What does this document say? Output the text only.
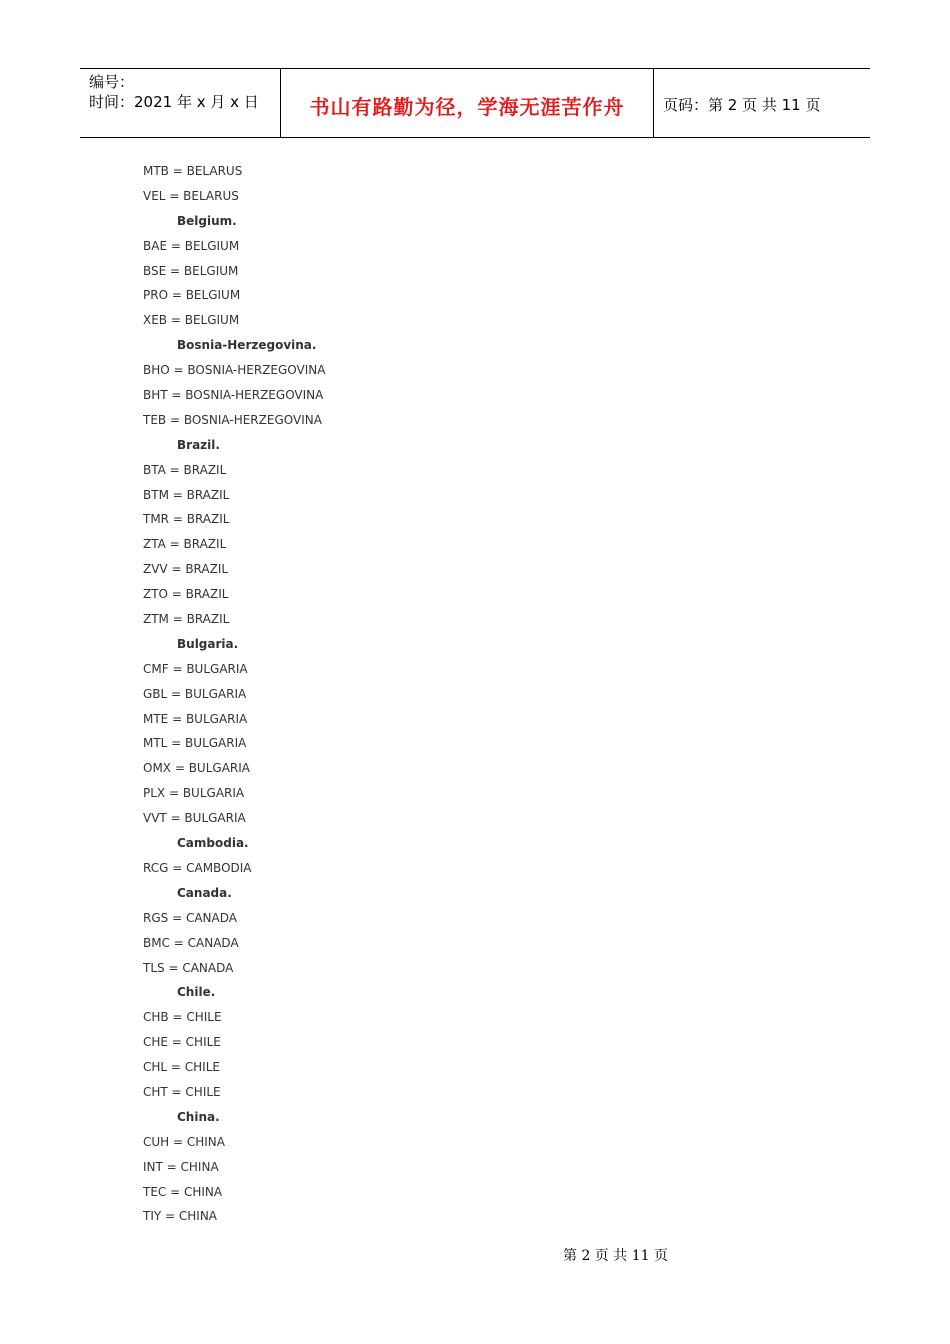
编号：
时间：2021 年 x 月 x 日	书山有路勤为径，学海无涯苦作舟	页码：第 2 页 共 11 页
MTB = BELARUS
VEL = BELARUS
Belgium.
BAE = BELGIUM
BSE = BELGIUM
PRO = BELGIUM
XEB = BELGIUM
Bosnia-Herzegovina.
BHO = BOSNIA-HERZEGOVINA
BHT = BOSNIA-HERZEGOVINA
TEB = BOSNIA-HERZEGOVINA
Brazil.
BTA = BRAZIL
BTM = BRAZIL
TMR = BRAZIL
ZTA = BRAZIL
ZVV = BRAZIL
ZTO = BRAZIL
ZTM = BRAZIL
Bulgaria.
CMF = BULGARIA
GBL = BULGARIA
MTE = BULGARIA
MTL = BULGARIA
OMX = BULGARIA
PLX = BULGARIA
VVT = BULGARIA
Cambodia.
RCG = CAMBODIA
Canada.
RGS = CANADA
BMC = CANADA
TLS = CANADA
Chile.
CHB = CHILE
CHE = CHILE
CHL = CHILE
CHT = CHILE
China.
CUH = CHINA
INT = CHINA
TEC = CHINA
TIY = CHINA
第 2 页 共 11 页
